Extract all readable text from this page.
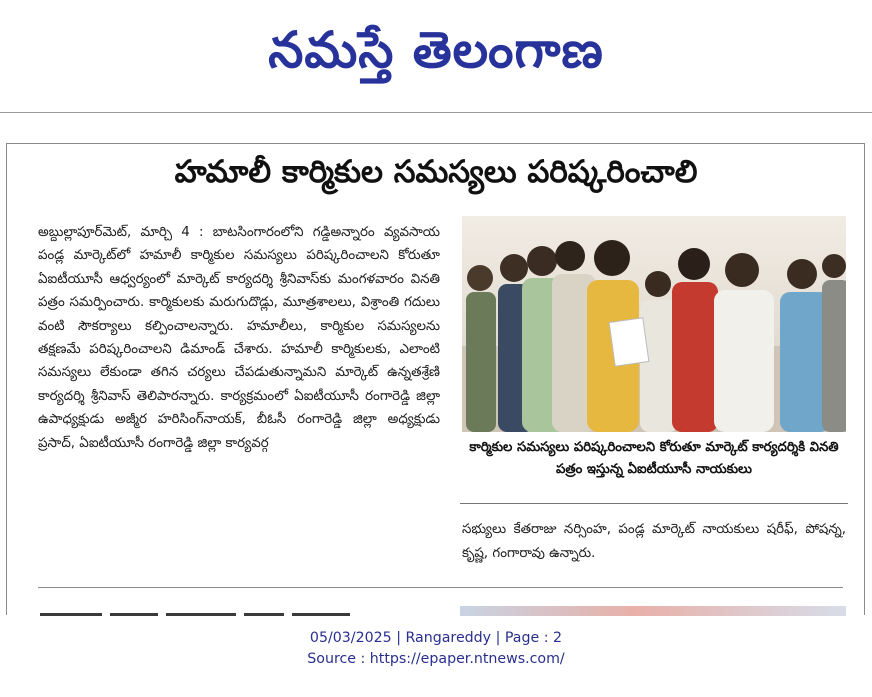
నమస్తే తెలంగాణ
హమాలీ కార్మికుల సమస్యలు పరిష్కరించాలి

అబ్దుల్లాపూర్‌మెట్, మార్చి 4 : బాటసింగారంలోని గడ్డిఅన్నారం వ్యవసాయ పండ్ల మార్కెట్‌లో హమాలీ కార్మికుల సమస్యలు పరిష్కరించాలని కోరుతూ ఏఐటీయూసీ ఆధ్వర్యంలో మార్కెట్ కార్యదర్శి శ్రీనివాస్‌కు మంగళవారం వినతి పత్రం సమర్పించారు. కార్మికులకు మరుగుదొడ్లు, మూత్రశాలలు, విశ్రాంతి గదులు వంటి సౌకర్యాలు కల్పించాలన్నారు. హమాలీలు, కార్మికుల సమస్యలను తక్షణమే పరిష్కరించాలని డిమాండ్ చేశారు. హమాలీ కార్మికులకు, ఎలాంటి సమస్యలు లేకుండా తగిన చర్యలు చేపడుతున్నామని మార్కెట్ ఉన్నతశ్రేణి కార్యదర్శి శ్రీనివాస్ తెలిపారన్నారు. కార్యక్రమంలో ఏఐటీయూసీ రంగారెడ్డి జిల్లా ఉపాధ్యక్షుడు అజ్మీర హరిసింగ్‌నాయక్, బీఓసీ రంగారెడ్డి జిల్లా అధ్యక్షుడు ప్రసాద్, ఏఐటీయూసీ రంగారెడ్డి జిల్లా కార్యవర్గ	కార్మికుల సమస్యలు పరిష్కరించాలని కోరుతూ మార్కెట్ కార్యదర్శికి వినతి పత్రం ఇస్తున్న ఏఐటీయూసీ నాయకులు
సభ్యులు కేతరాజు నర్సింహ, పండ్ల మార్కెట్ నాయకులు షరీఫ్, పోషన్న, కృష్ణ, గంగారావు ఉన్నారు.
05/03/2025 | Rangareddy | Page : 2
Source : https://epaper.ntnews.com/
